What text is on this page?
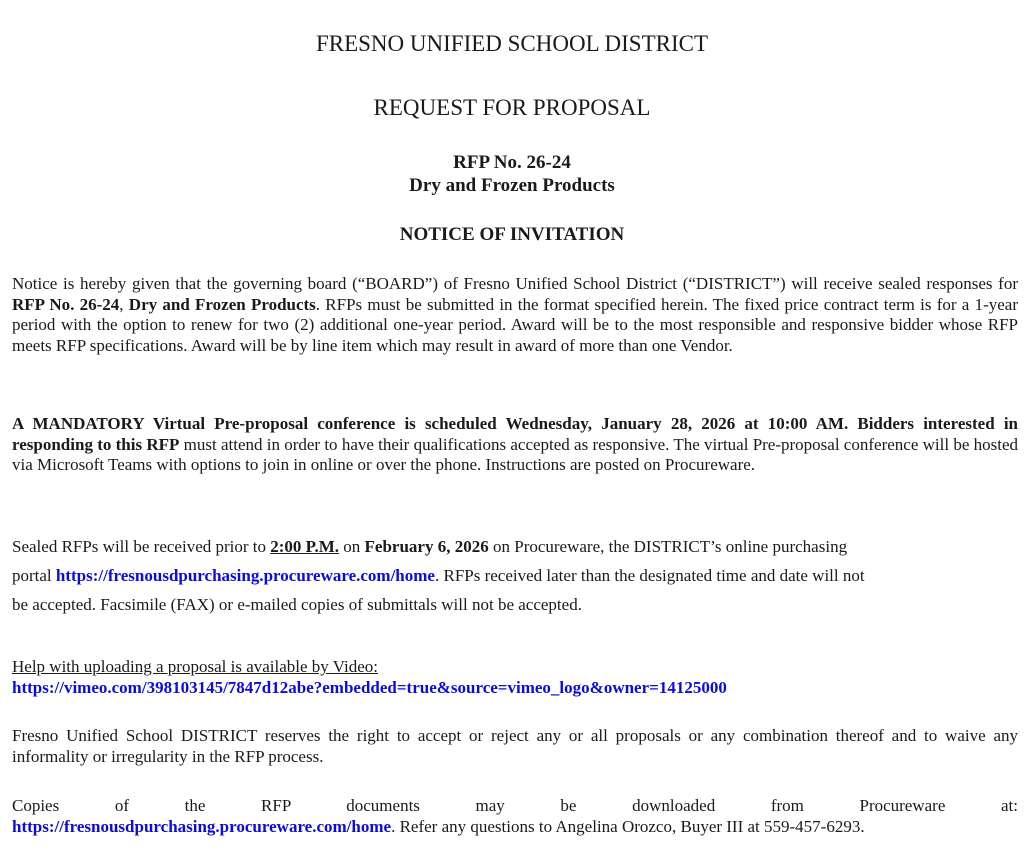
FRESNO UNIFIED SCHOOL DISTRICT
REQUEST FOR PROPOSAL
RFP No. 26-24
Dry and Frozen Products
NOTICE OF INVITATION
Notice is hereby given that the governing board (“BOARD”) of Fresno Unified School District (“DISTRICT”) will receive sealed responses for RFP No. 26-24, Dry and Frozen Products. RFPs must be submitted in the format specified herein. The fixed price contract term is for a 1-year period with the option to renew for two (2) additional one-year period. Award will be to the most responsible and responsive bidder whose RFP meets RFP specifications. Award will be by line item which may result in award of more than one Vendor.
A MANDATORY Virtual Pre-proposal conference is scheduled Wednesday, January 28, 2026 at 10:00 AM. Bidders interested in responding to this RFP must attend in order to have their qualifications accepted as responsive. The virtual Pre-proposal conference will be hosted via Microsoft Teams with options to join in online or over the phone. Instructions are posted on Procureware.
Sealed RFPs will be received prior to 2:00 P.M. on February 6, 2026 on Procureware, the DISTRICT’s online purchasing
portal https://fresnousdpurchasing.procureware.com/home. RFPs received later than the designated time and date will not
be accepted. Facsimile (FAX) or e-mailed copies of submittals will not be accepted.
Help with uploading a proposal is available by Video:
https://vimeo.com/398103145/7847d12abe?embedded=true&source=vimeo_logo&owner=14125000
Fresno Unified School DISTRICT reserves the right to accept or reject any or all proposals or any combination thereof and to waive any informality or irregularity in the RFP process.
Copies of the RFP documents may be downloaded from Procureware at:
https://fresnousdpurchasing.procureware.com/home. Refer any questions to Angelina Orozco, Buyer III at 559-457-6293.
